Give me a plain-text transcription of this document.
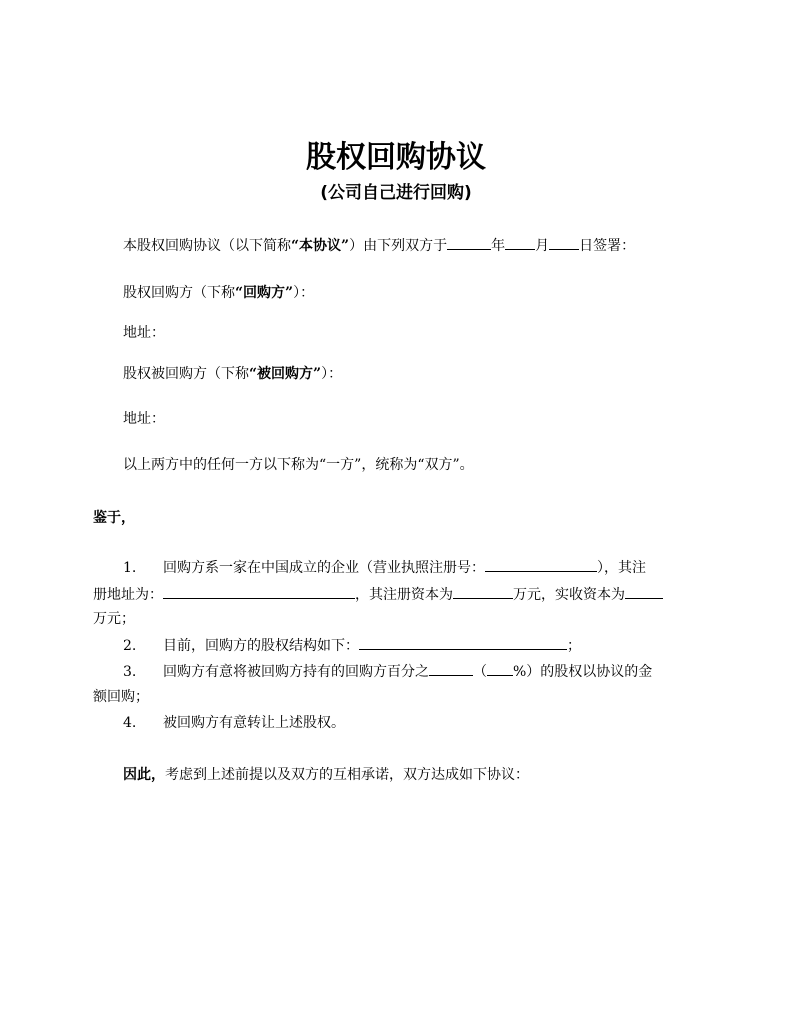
股权回购协议
(公司自己进行回购)
本股权回购协议（以下简称“本协议”）由下列双方于	年 月 日签署：
股权回购方（下称“回购方”）：
地址：
股权被回购方（下称“被回购方”）：
地址：
以上两方中的任何一方以下称为“一方”，统称为“双方”。
鉴于，
1. 回购方系一家在中国成立的企业（营业执照注册号：	），其注
册地址为：	，其注册资本为	万元，实收资本为
万元；
2. 目前，回购方的股权结构如下：	；
3. 回购方有意将被回购方持有的回购方百分之	（ %）的股权以协议的金
额回购；
4. 被回购方有意转让上述股权。
因此，考虑到上述前提以及双方的互相承诺，双方达成如下协议：
